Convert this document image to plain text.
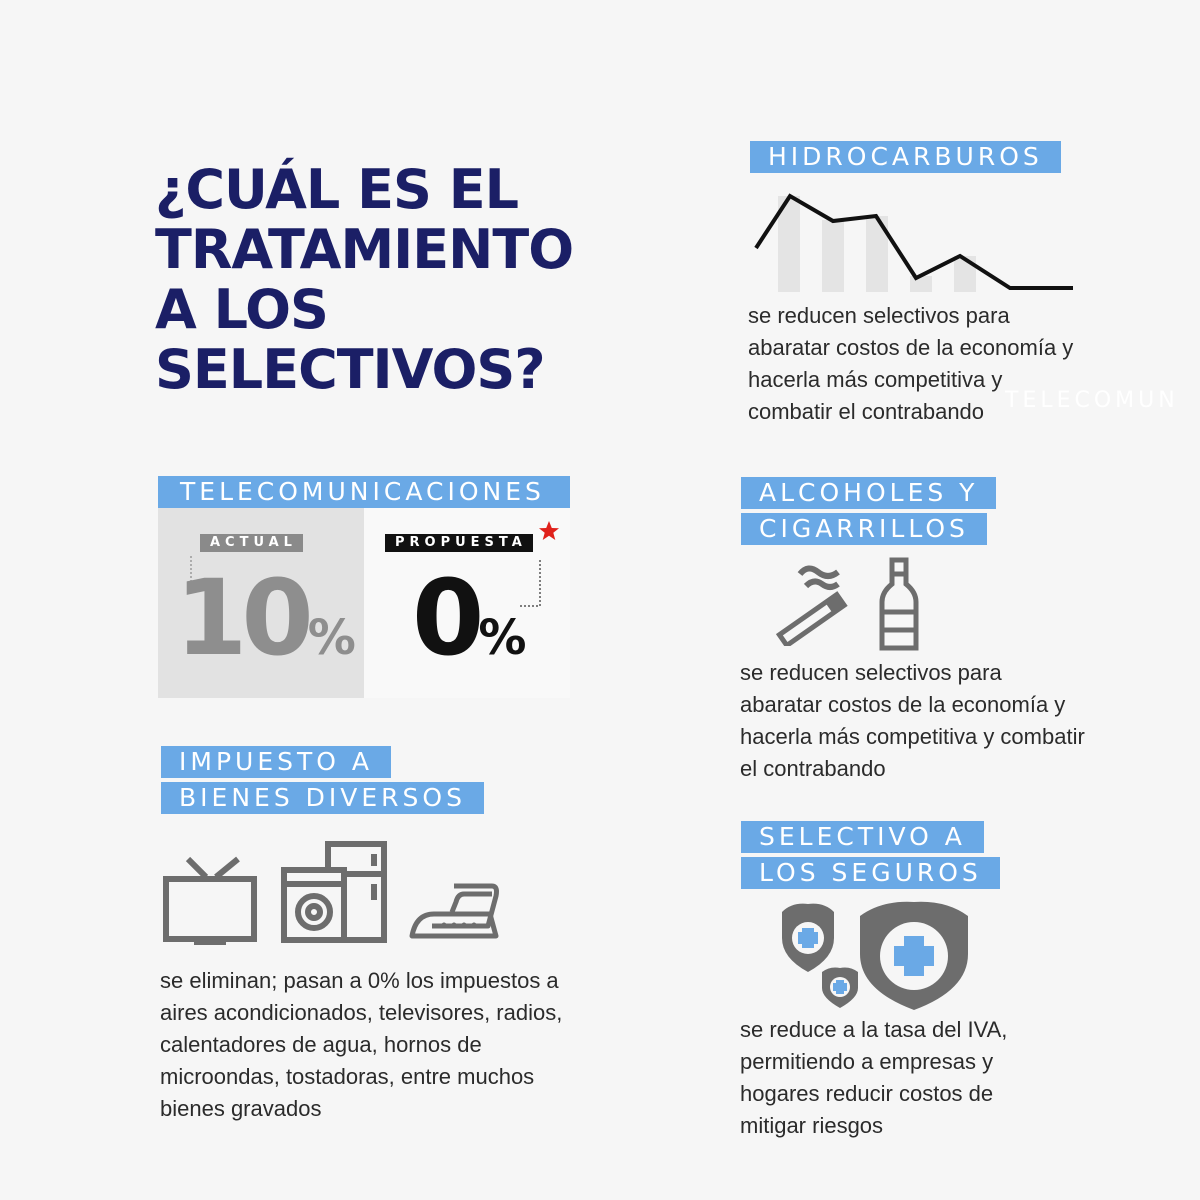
¿CUÁL ES EL
TRATAMIENTO
A LOS
SELECTIVOS?	TELECOMUN
HIDROCARBUROS

se reducen selectivos para abaratar costos de la economía y hacerla más competitiva y combatir el contrabando

TELECOMUNICACIONES
ACTUAL	PROPUESTA
10% 0%
ALCOHOLES Y
CIGARRILLOS

se reducen selectivos para abaratar costos de la economía y hacerla más competitiva y combatir el contrabando

IMPUESTO A
BIENES DIVERSOS

se eliminan; pasan a 0% los impuestos a aires acondicionados, televisores, radios, calentadores de agua, hornos de microondas, tostadoras, entre muchos bienes gravados

SELECTIVO A
LOS SEGUROS

se reduce a la tasa del IVA, permitiendo a empresas y hogares reducir costos de mitigar riesgos
